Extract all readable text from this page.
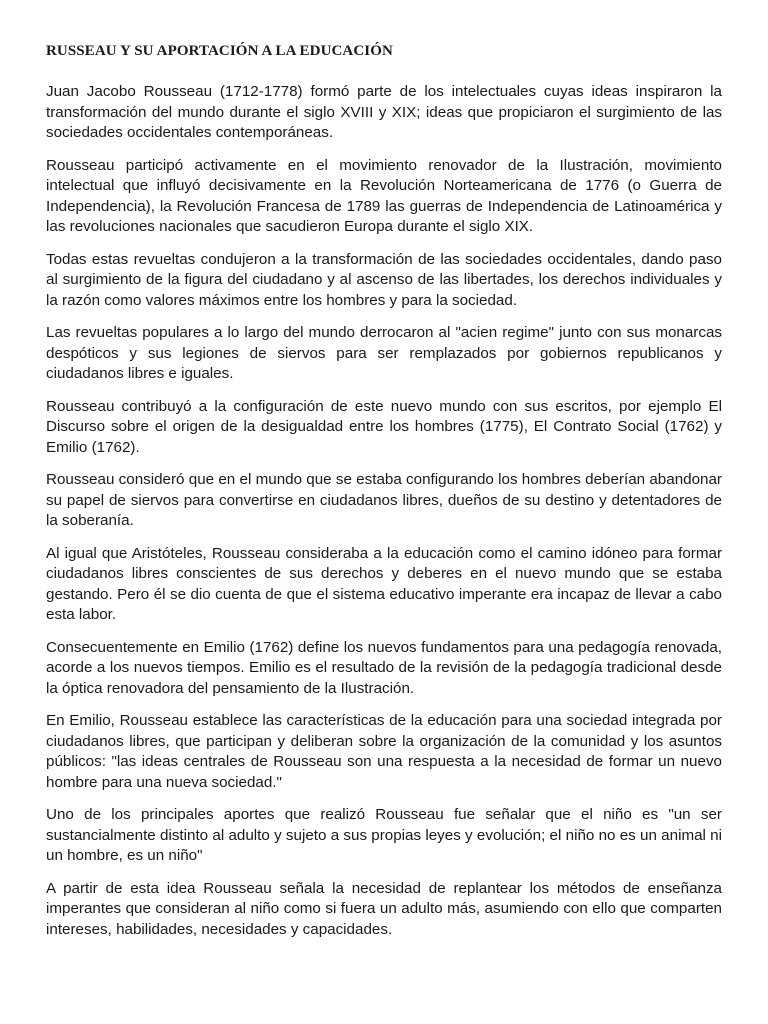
RUSSEAU Y SU APORTACIÓN A LA EDUCACIÓN

Juan Jacobo Rousseau (1712-1778) formó parte de los intelectuales cuyas ideas inspiraron la transformación del mundo durante el siglo XVIII y XIX; ideas que propiciaron el surgimiento de las sociedades occidentales contemporáneas.

Rousseau participó activamente en el movimiento renovador de la Ilustración, movimiento intelectual que influyó decisivamente en la Revolución Norteamericana de 1776 (o Guerra de Independencia), la Revolución Francesa de 1789 las guerras de Independencia de Latinoamérica y las revoluciones nacionales que sacudieron Europa durante el siglo XIX.

Todas estas revueltas condujeron a la transformación de las sociedades occidentales, dando paso al surgimiento de la figura del ciudadano y al ascenso de las libertades, los derechos individuales y la razón como valores máximos entre los hombres y para la sociedad.

Las revueltas populares a lo largo del mundo derrocaron al "acien regime" junto con sus monarcas despóticos y sus legiones de siervos para ser remplazados por gobiernos republicanos y ciudadanos libres e iguales.

Rousseau contribuyó a la configuración de este nuevo mundo con sus escritos, por ejemplo El Discurso sobre el origen de la desigualdad entre los hombres (1775), El Contrato Social (1762) y Emilio (1762).

Rousseau consideró que en el mundo que se estaba configurando los hombres deberían abandonar su papel de siervos para convertirse en ciudadanos libres, dueños de su destino y detentadores de la soberanía.

Al igual que Aristóteles, Rousseau consideraba a la educación como el camino idóneo para formar ciudadanos libres conscientes de sus derechos y deberes en el nuevo mundo que se estaba gestando. Pero él se dio cuenta de que el sistema educativo imperante era incapaz de llevar a cabo esta labor.

Consecuentemente en Emilio (1762) define los nuevos fundamentos para una pedagogía renovada, acorde a los nuevos tiempos. Emilio es el resultado de la revisión de la pedagogía tradicional desde la óptica renovadora del pensamiento de la Ilustración.

En Emilio, Rousseau establece las características de la educación para una sociedad integrada por ciudadanos libres, que participan y deliberan sobre la organización de la comunidad y los asuntos públicos: "las ideas centrales de Rousseau son una respuesta a la necesidad de formar un nuevo hombre para una nueva sociedad."

Uno de los principales aportes que realizó Rousseau fue señalar que el niño es "un ser sustancialmente distinto al adulto y sujeto a sus propias leyes y evolución; el niño no es un animal ni un hombre, es un niño"

A partir de esta idea Rousseau señala la necesidad de replantear los métodos de enseñanza imperantes que consideran al niño como si fuera un adulto más, asumiendo con ello que comparten intereses, habilidades, necesidades y capacidades.
